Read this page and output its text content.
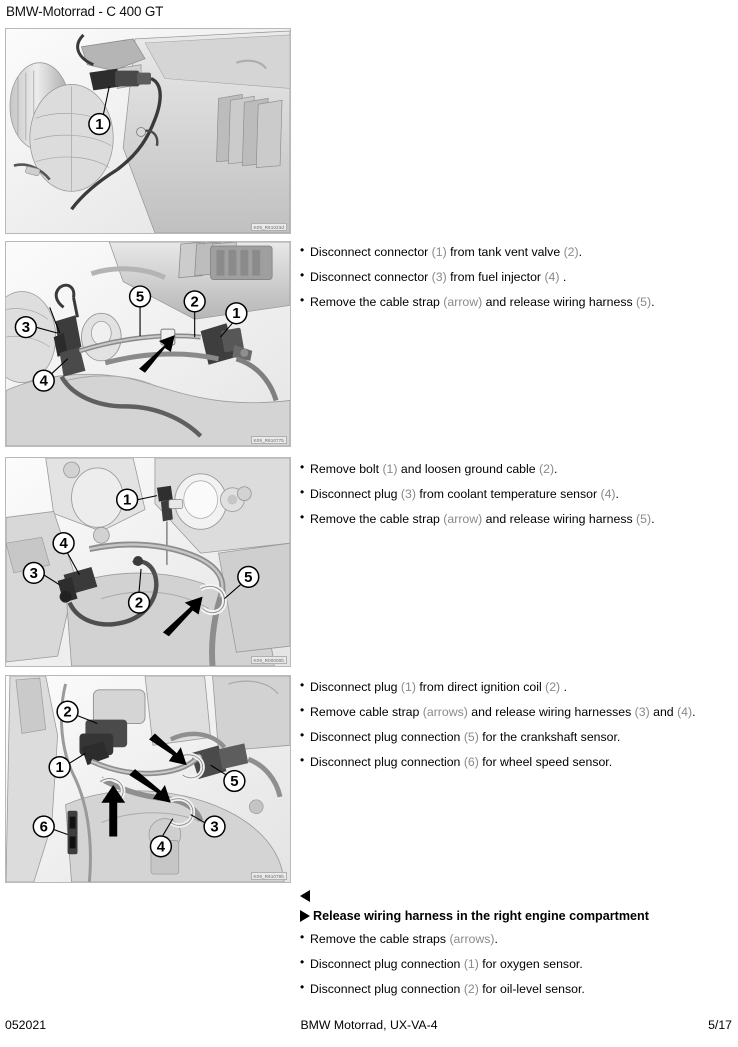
BMW-Motorrad - C 400 GT
1
K09_R61023d
3
4
5	2
1
K09_R61077b
1
4
3
2
5
K09_R00000b
2
1
6
4
3
5
K09_R61079b
• Disconnect connector (1) from tank vent valve (2).
• Disconnect connector (3) from fuel injector (4) .
• Remove the cable strap (arrow) and release wiring harness (5).
• Remove bolt (1) and loosen ground cable (2).
• Disconnect plug (3) from coolant temperature sensor (4).
• Remove the cable strap (arrow) and release wiring harness (5).
• Disconnect plug (1) from direct ignition coil (2) .
• Remove cable strap (arrows) and release wiring harnesses (3) and (4).
• Disconnect plug connection (5) for the crankshaft sensor.
• Disconnect plug connection (6) for wheel speed sensor.
Release wiring harness in the right engine compartment
• Remove the cable straps (arrows).
• Disconnect plug connection (1) for oxygen sensor.
• Disconnect plug connection (2) for oil-level sensor.
052021	BMW Motorrad, UX-VA-4	5/17
